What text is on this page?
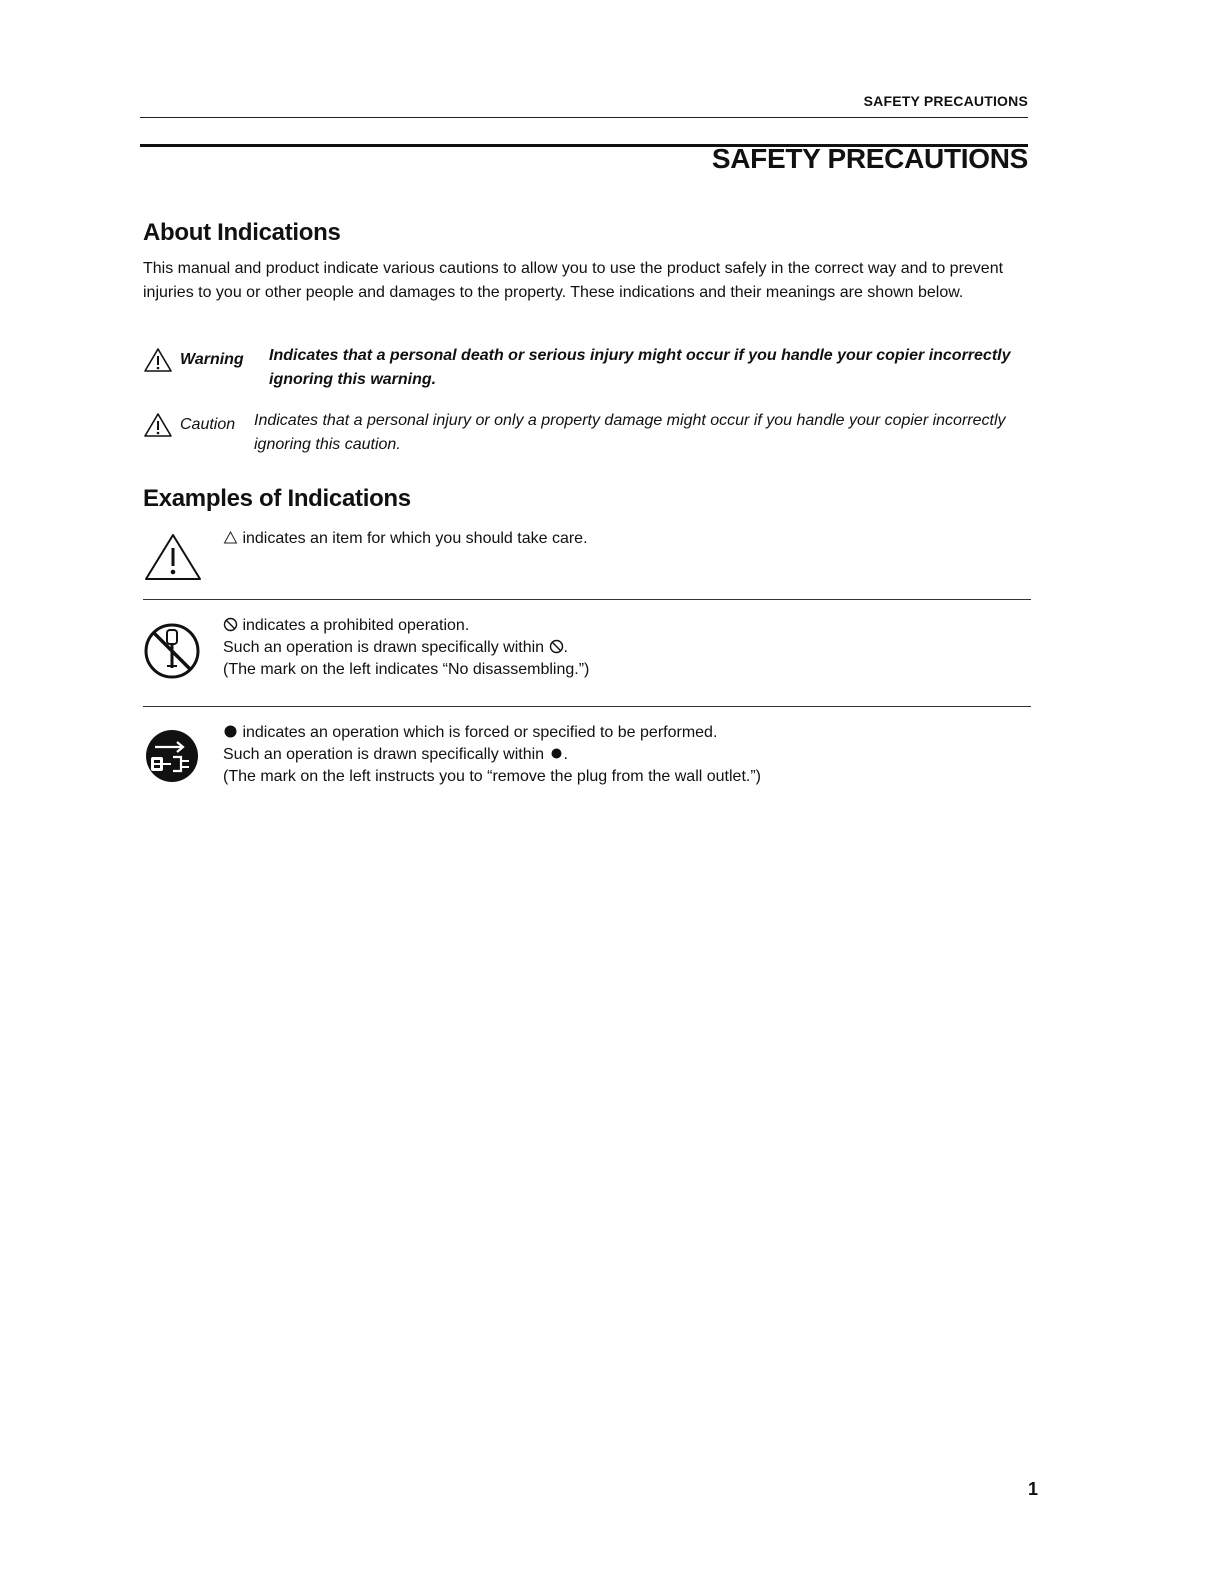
SAFETY PRECAUTIONS
SAFETY PRECAUTIONS
About Indications

This manual and product indicate various cautions to allow you to use the product safely in the correct way and to prevent injuries to you or other people and damages to the property. These indications and their meanings are shown below.

Warning Indicates that a personal death or serious injury might occur if you handle your copier incorrectly ignoring this warning.
Caution Indicates that a personal injury or only a property damage might occur if you handle your copier incorrectly ignoring this caution.
Examples of Indications
indicates an item for which you should take care.
indicates a prohibited operation.
Such an operation is drawn specifically within .
(The mark on the left indicates “No disassembling.”)
indicates an operation which is forced or specified to be performed.
Such an operation is drawn specifically within .
(The mark on the left instructs you to “remove the plug from the wall outlet.”)
1
